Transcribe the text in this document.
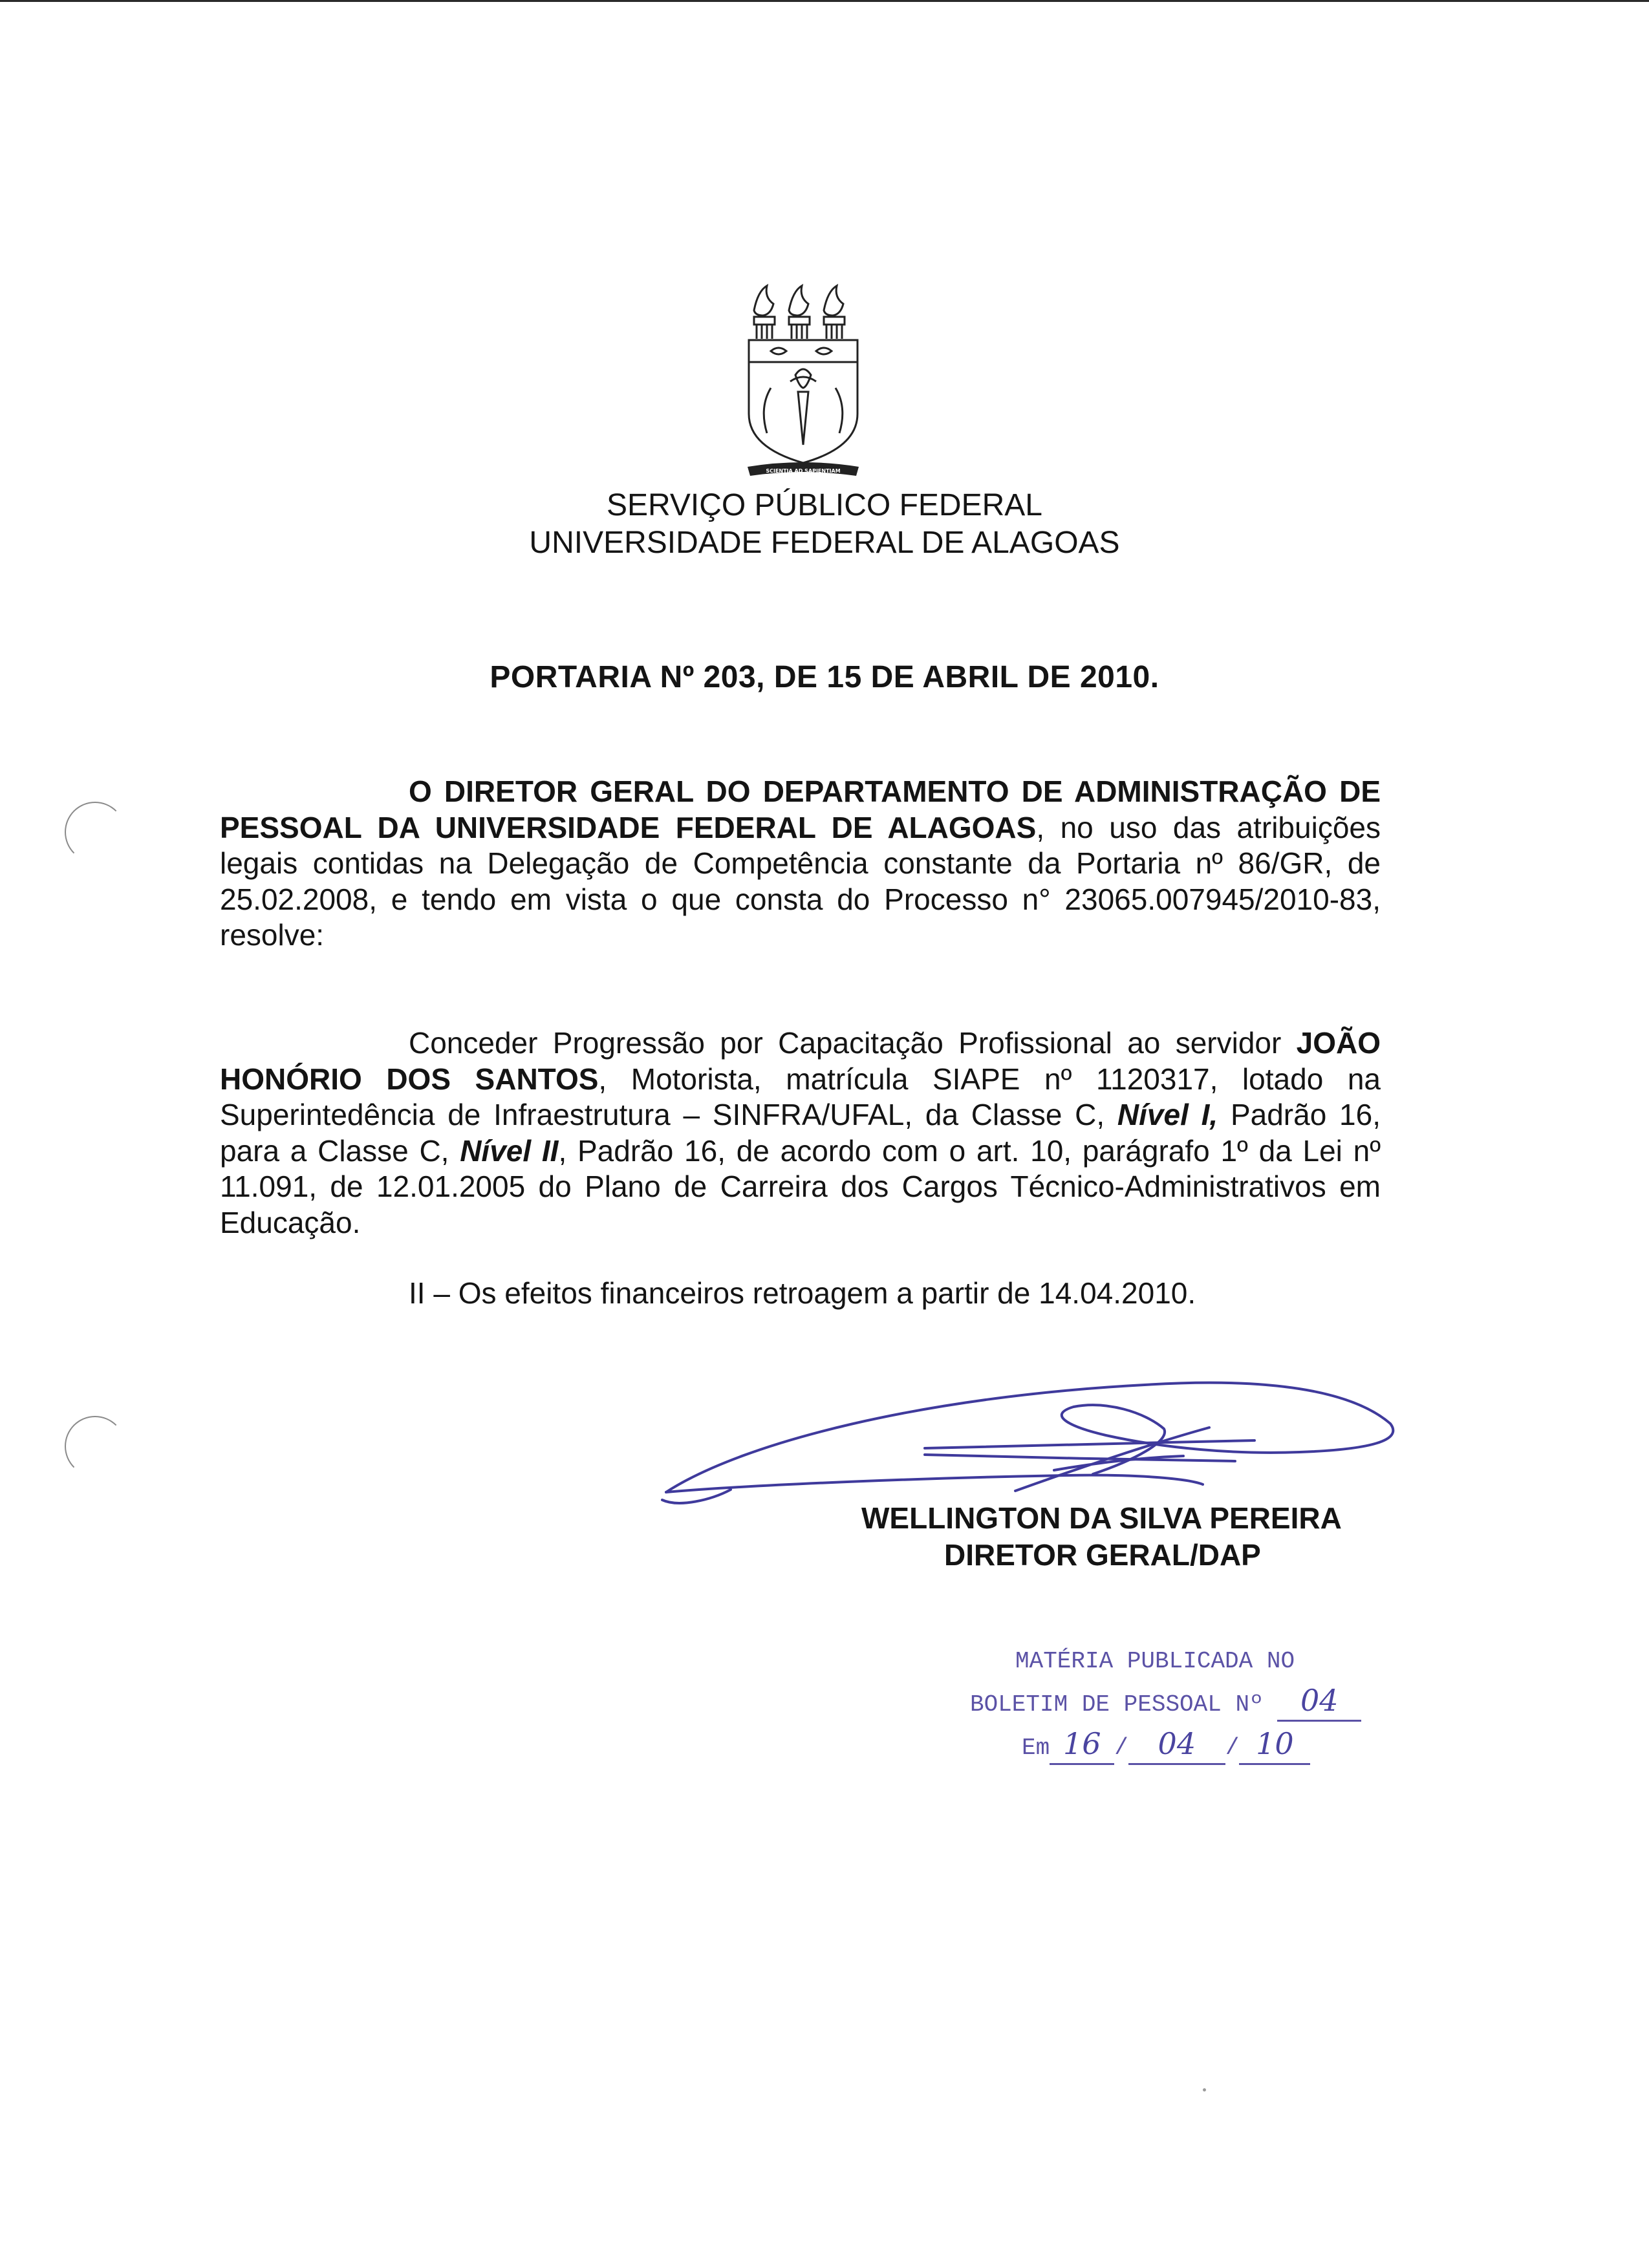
SCIENTIA AD SAPIENTIAM
SERVIÇO PÚBLICO FEDERAL
UNIVERSIDADE FEDERAL DE ALAGOAS
PORTARIA Nº 203, DE 15 DE ABRIL DE 2010.

O DIRETOR GERAL DO DEPARTAMENTO DE ADMINISTRAÇÃO DE PESSOAL DA UNIVERSIDADE FEDERAL DE ALAGOAS, no uso das atribuições legais contidas na Delegação de Competência constante da Portaria nº 86/GR, de 25.02.2008, e tendo em vista o que consta do Processo n° 23065.007945/2010-83, resolve:

Conceder Progressão por Capacitação Profissional ao servidor JOÃO HONÓRIO DOS SANTOS, Motorista, matrícula SIAPE nº 1120317, lotado na Superintedência de Infraestrutura – SINFRA/UFAL, da Classe C, Nível I, Padrão 16, para a Classe C, Nível II, Padrão 16, de acordo com o art. 10, parágrafo 1º da Lei nº 11.091, de 12.01.2005 do Plano de Carreira dos Cargos Técnico-Administrativos em Educação.

II – Os efeitos financeiros retroagem a partir de 14.04.2010.

WELLINGTON DA SILVA PEREIRA
DIRETOR GERAL/DAP
MATÉRIA PUBLICADA NO
BOLETIM DE PESSOAL Nº 04
Em 16 / 04 / 10
